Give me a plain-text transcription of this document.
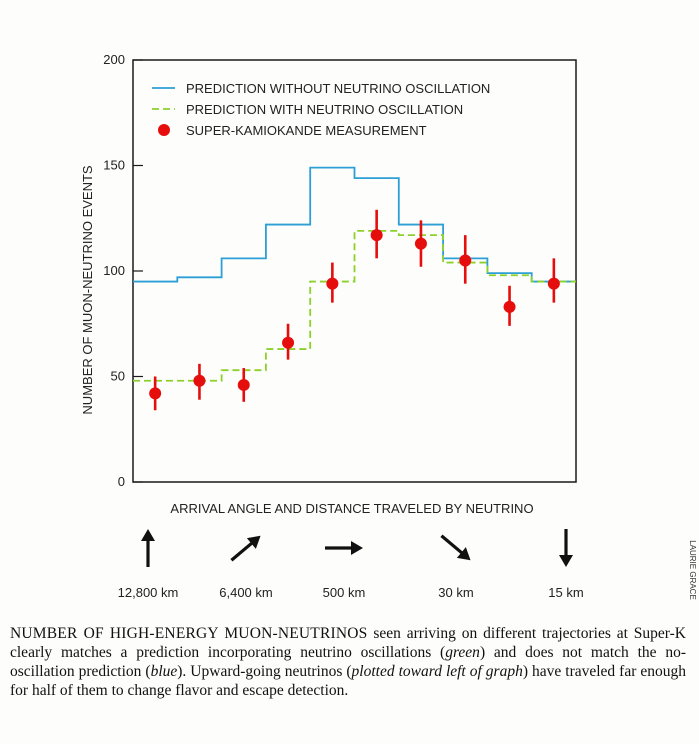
0
50
100
150
200
NUMBER OF MUON-NEUTRINO EVENTS
ARRIVAL ANGLE AND DISTANCE TRAVELED BY NEUTRINO
PREDICTION WITHOUT NEUTRINO OSCILLATION
PREDICTION WITH NEUTRINO OSCILLATION
SUPER-KAMIOKANDE MEASUREMENT
12,800 km	6,400 km	500 km	30 km	15 km	LAURIE GRACE

NUMBER OF HIGH-ENERGY MUON-NEUTRINOS seen arriving on different trajectories at Super-K clearly matches a prediction incorporating neutrino oscillations (green) and does not match the no-oscillation prediction (blue). Upward-going neutrinos (plotted toward left of graph) have traveled far enough for half of them to change flavor and escape detection.
